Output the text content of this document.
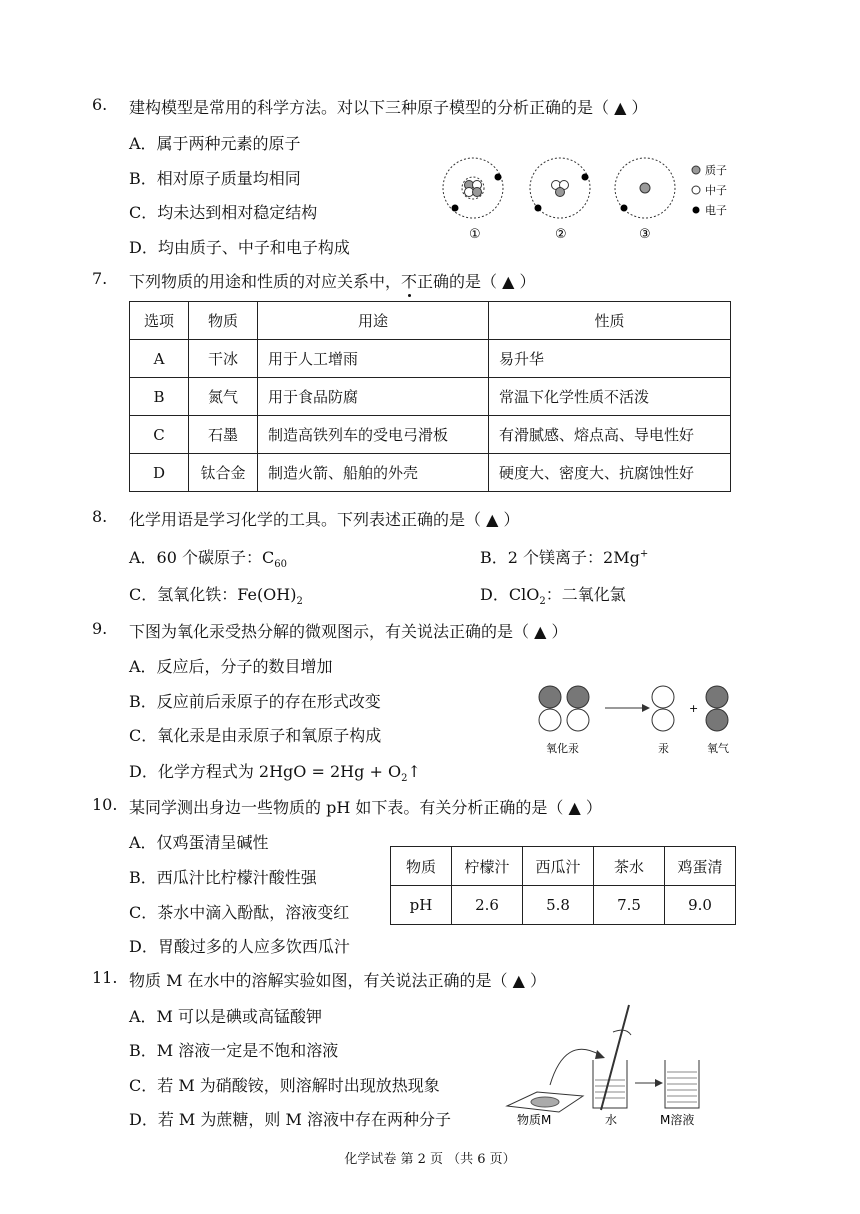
6. 建构模型是常用的科学方法。对以下三种原子模型的分析正确的是（ ▲ ）
A．属于两种元素的原子
B．相对原子质量均相同
C．均未达到相对稳定结构
D．均由质子、中子和电子构成
①	②	③
质子
中子
电子
7. 下列物质的用途和性质的对应关系中，不正确的是（ ▲ ）
选项	物质	用途	性质
A	干冰	用于人工增雨	易升华
B	氮气	用于食品防腐	常温下化学性质不活泼
C	石墨	制造高铁列车的受电弓滑板	有滑腻感、熔点高、导电性好
D	钛合金	制造火箭、船舶的外壳	硬度大、密度大、抗腐蚀性好
8. 化学用语是学习化学的工具。下列表述正确的是（ ▲ ）
A．60 个碳原子：$C_{60}$	B．2 个镁离子：2Mg+
C．氢氧化铁：$Fe(OH)_2$	D．ClO$_2$：二氧化氯
9. 下图为氧化汞受热分解的微观图示，有关说法正确的是（ ▲ ）
A．反应后，分子的数目增加
B．反应前后汞原子的存在形式改变
C．氧化汞是由汞原子和氧原子构成
D．化学方程式为 $2HgO = 2Hg + O_2↑$
+
氧化汞	汞	氧气
10. 某同学测出身边一些物质的 pH 如下表。有关分析正确的是（ ▲ ）
A．仅鸡蛋清呈碱性
B．西瓜汁比柠檬汁酸性强
C．茶水中滴入酚酞，溶液变红
D．胃酸过多的人应多饮西瓜汁
物质	柠檬汁	西瓜汁	茶水	鸡蛋清
pH	2.6	5.8	7.5	9.0
11. 物质 M 在水中的溶解实验如图，有关说法正确的是（ ▲ ）
A．M 可以是碘或高锰酸钾
B．M 溶液一定是不饱和溶液
C．若 M 为硝酸铵，则溶解时出现放热现象
D．若 M 为蔗糖，则 M 溶液中存在两种分子	物质M	水	M溶液
化学试卷 第 2 页 （共 6 页）
